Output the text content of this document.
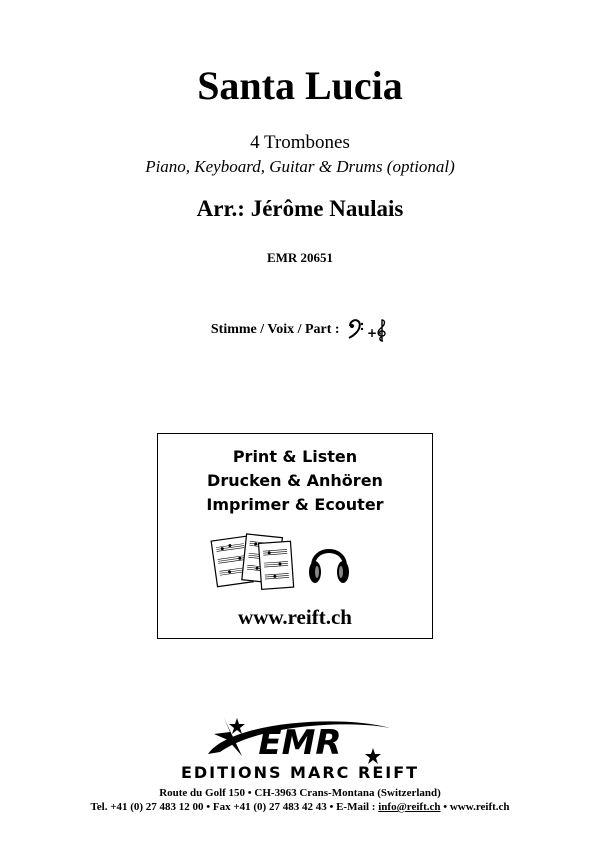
Santa Lucia
4 Trombones
Piano, Keyboard, Guitar & Drums (optional)
Arr.: Jérôme Naulais
EMR 20651
Stimme / Voix / Part : +
Print & Listen
Drucken & Anhören
Imprimer & Ecouter
www.reift.ch
EMR
EDITIONS MARC REIFT
Route du Golf 150 • CH-3963 Crans-Montana (Switzerland)
Tel. +41 (0) 27 483 12 00 • Fax +41 (0) 27 483 42 43 • E-Mail : info@reift.ch • www.reift.ch
